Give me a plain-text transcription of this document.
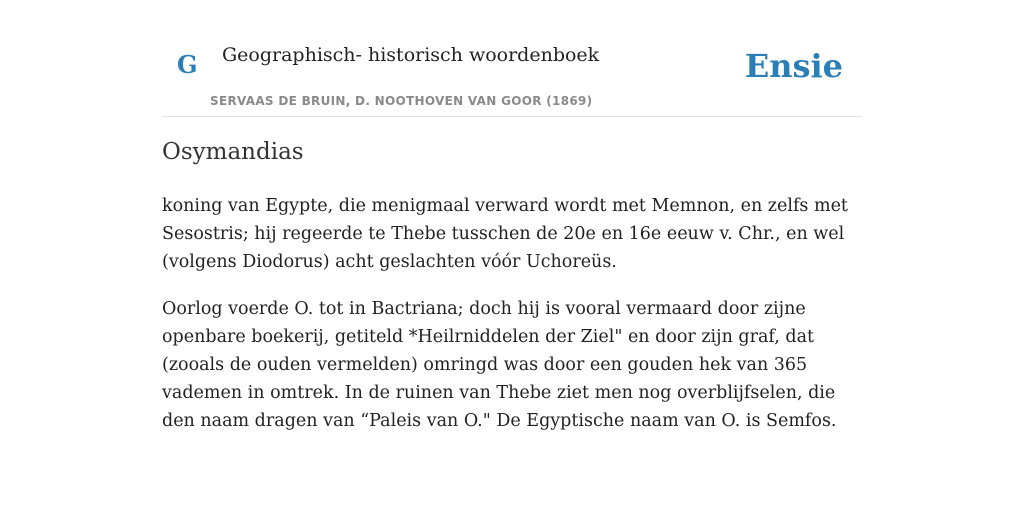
G Geographisch- historisch woordenboek
SERVAAS DE BRUIN, D. NOOTHOVEN VAN GOOR (1869)
Ensie
Osymandias

koning van Egypte, die menigmaal verward wordt met Memnon, en zelfs met Sesostris; hij regeerde te Thebe tusschen de 20e en 16e eeuw v. Chr., en wel (volgens Diodorus) acht geslachten vóór Uchoreüs.

Oorlog voerde O. tot in Bactriana; doch hij is vooral vermaard door zijne openbare boekerij, getiteld *Heilrniddelen der Ziel" en door zijn graf, dat (zooals de ouden vermelden) omringd was door een gouden hek van 365 vademen in omtrek. In de ruinen van Thebe ziet men nog overblijfselen, die den naam dragen van “Paleis van O." De Egyptische naam van O. is Semfos.
